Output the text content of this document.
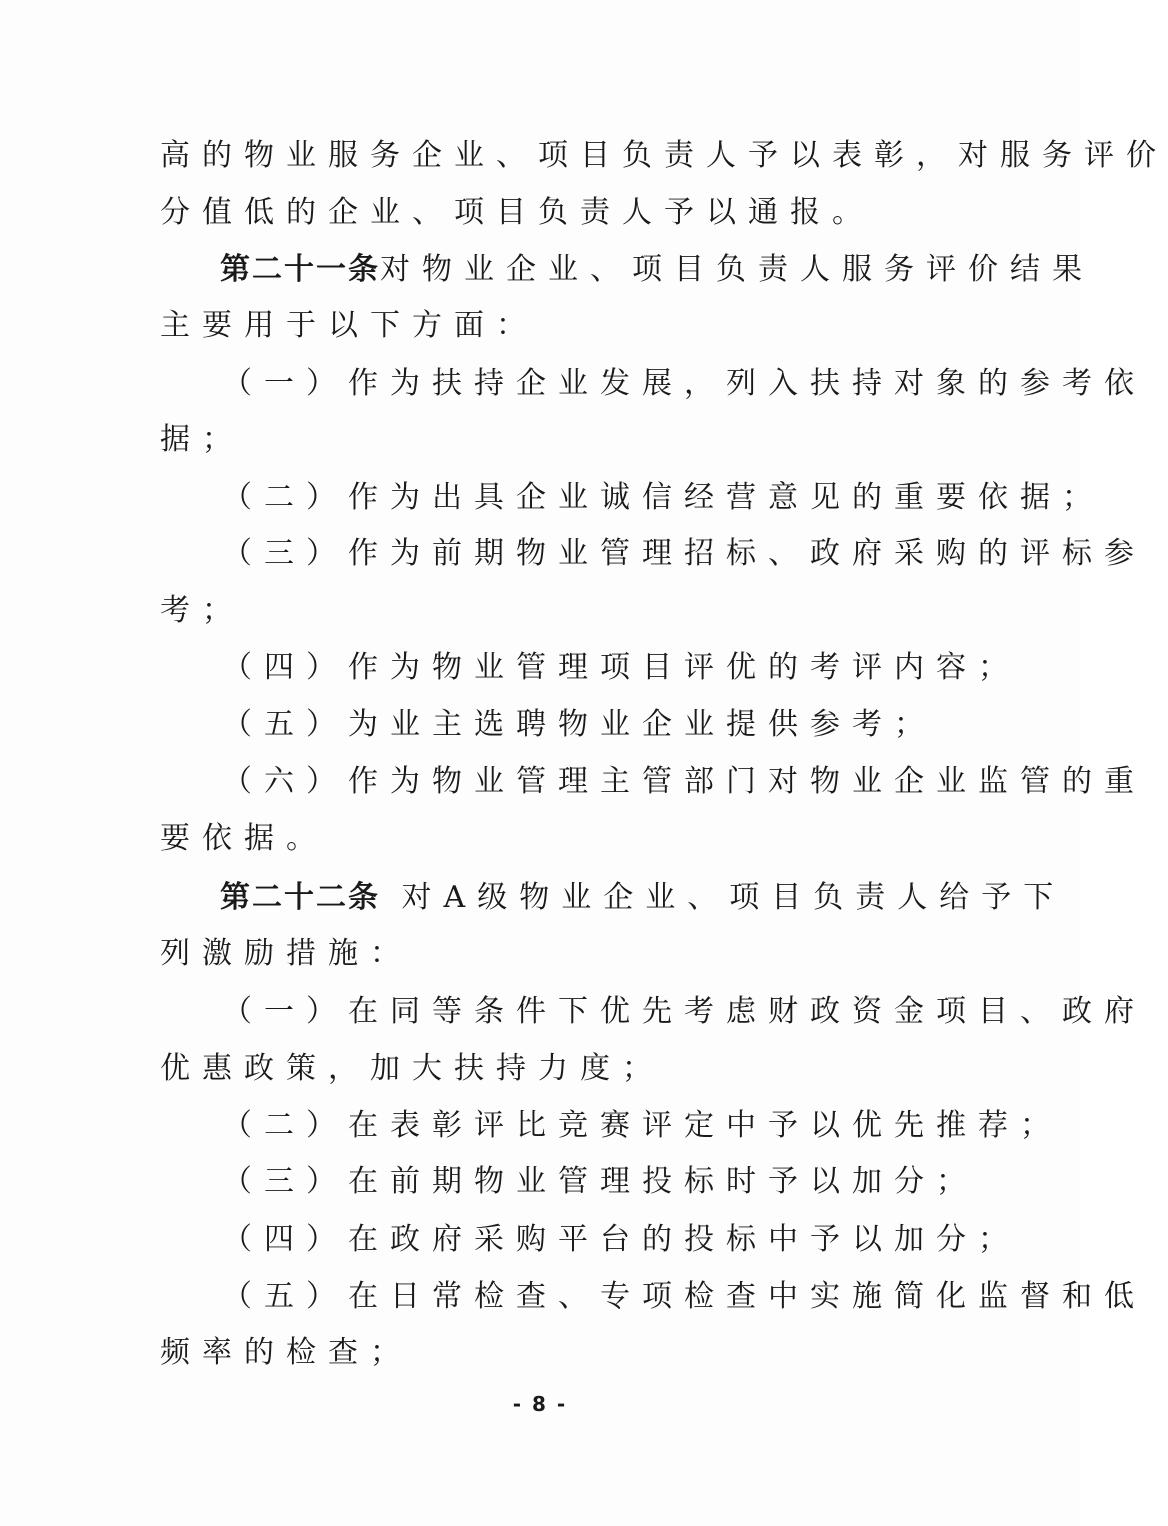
高的物业服务企业、项目负责人予以表彰，对服务评价
分值低的企业、项目负责人予以通报。
第二十一条对物业企业、项目负责人服务评价结果
主要用于以下方面：
（一）作为扶持企业发展，列入扶持对象的参考依
据；
（二）作为出具企业诚信经营意见的重要依据；
（三）作为前期物业管理招标、政府采购的评标参
考；
（四）作为物业管理项目评优的考评内容；
（五）为业主选聘物业企业提供参考；
（六）作为物业管理主管部门对物业企业监管的重
要依据。
第二十二条 对A级物业企业、项目负责人给予下
列激励措施：
（一）在同等条件下优先考虑财政资金项目、政府
优惠政策，加大扶持力度；
（二）在表彰评比竞赛评定中予以优先推荐；
（三）在前期物业管理投标时予以加分；
（四）在政府采购平台的投标中予以加分；
（五）在日常检查、专项检查中实施简化监督和低
频率的检查；
- 8 -
